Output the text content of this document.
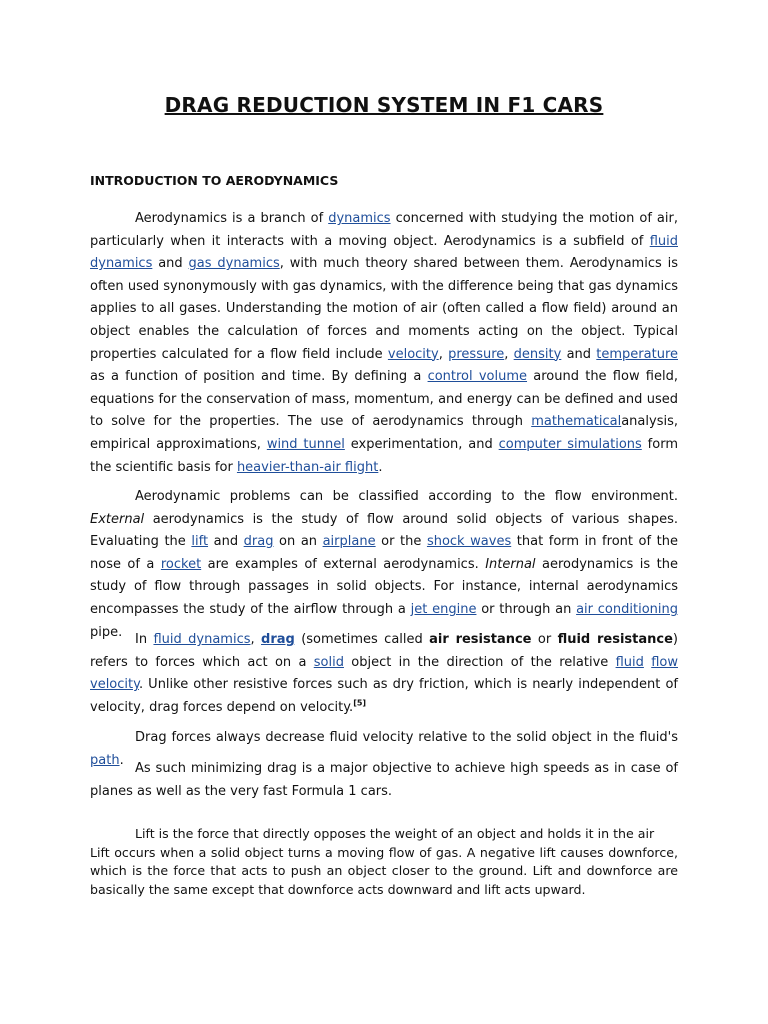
DRAG REDUCTION SYSTEM IN F1 CARS
INTRODUCTION TO AERODYNAMICS

Aerodynamics is a branch of dynamics concerned with studying the motion of air, particularly when it interacts with a moving object. Aerodynamics is a subfield of fluid dynamics and gas dynamics, with much theory shared between them. Aerodynamics is often used synonymously with gas dynamics, with the difference being that gas dynamics applies to all gases. Understanding the motion of air (often called a flow field) around an object enables the calculation of forces and moments acting on the object. Typical properties calculated for a flow field include velocity, pressure, density and temperature as a function of position and time. By defining a control volume around the flow field, equations for the conservation of mass, momentum, and energy can be defined and used to solve for the properties. The use of aerodynamics through mathematicalanalysis, empirical approximations, wind tunnel experimentation, and computer simulations form the scientific basis for heavier-than-air flight.

Aerodynamic problems can be classified according to the flow environment. External aerodynamics is the study of flow around solid objects of various shapes. Evaluating the lift and drag on an airplane or the shock waves that form in front of the nose of a rocket are examples of external aerodynamics. Internal aerodynamics is the study of flow through passages in solid objects. For instance, internal aerodynamics encompasses the study of the airflow through a jet engine or through an air conditioning pipe. In fluid dynamics, drag (sometimes called air resistance or fluid resistance) refers to forces which act on a solid object in the direction of the relative fluid flow velocity. Unlike other resistive forces such as dry friction, which is nearly independent of velocity, drag forces depend on velocity.[5]

Drag forces always decrease fluid velocity relative to the solid object in the fluid's path.

As such minimizing drag is a major objective to achieve high speeds as in case of planes as well as the very fast Formula 1 cars.

Lift is the force that directly opposes the weight of an object and holds it in the air

Lift occurs when a solid object turns a moving flow of gas. A negative lift causes downforce, which is the force that acts to push an object closer to the ground. Lift and downforce are basically the same except that downforce acts downward and lift acts upward.
